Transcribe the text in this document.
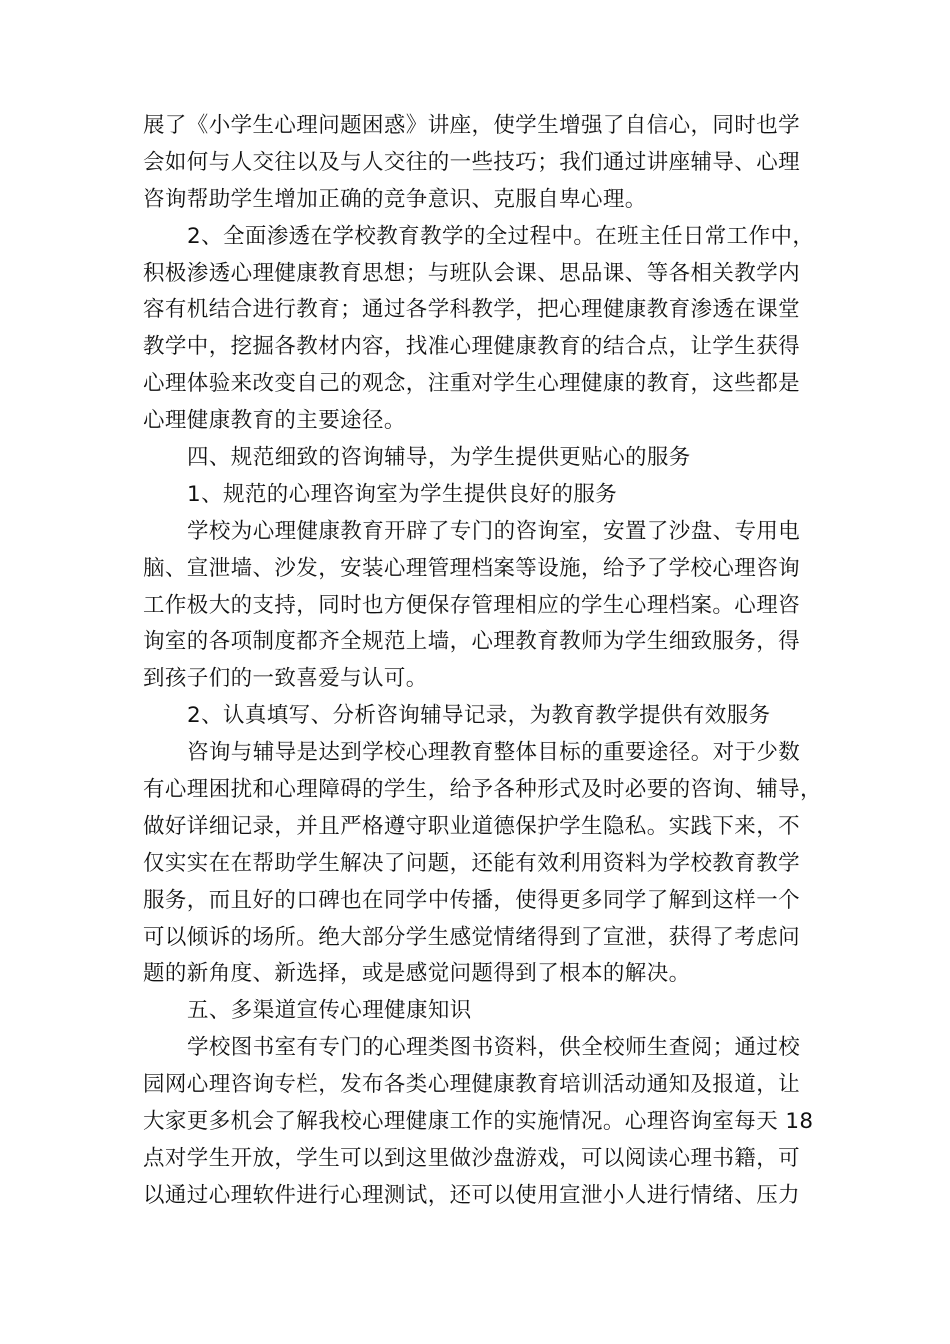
展了《小学生心理问题困惑》讲座，使学生增强了自信心，同时也学
会如何与人交往以及与人交往的一些技巧；我们通过讲座辅导、心理
咨询帮助学生增加正确的竞争意识、克服自卑心理。
2、全面渗透在学校教育教学的全过程中。在班主任日常工作中，
积极渗透心理健康教育思想；与班队会课、思品课、等各相关教学内
容有机结合进行教育；通过各学科教学，把心理健康教育渗透在课堂
教学中，挖掘各教材内容，找准心理健康教育的结合点，让学生获得
心理体验来改变自己的观念，注重对学生心理健康的教育，这些都是
心理健康教育的主要途径。
四、规范细致的咨询辅导，为学生提供更贴心的服务
1、规范的心理咨询室为学生提供良好的服务
学校为心理健康教育开辟了专门的咨询室，安置了沙盘、专用电
脑、宣泄墙、沙发，安装心理管理档案等设施，给予了学校心理咨询
工作极大的支持，同时也方便保存管理相应的学生心理档案。心理咨
询室的各项制度都齐全规范上墙，心理教育教师为学生细致服务，得
到孩子们的一致喜爱与认可。
2、认真填写、分析咨询辅导记录，为教育教学提供有效服务
咨询与辅导是达到学校心理教育整体目标的重要途径。对于少数
有心理困扰和心理障碍的学生，给予各种形式及时必要的咨询、辅导，
做好详细记录，并且严格遵守职业道德保护学生隐私。实践下来，不
仅实实在在帮助学生解决了问题，还能有效利用资料为学校教育教学
服务，而且好的口碑也在同学中传播，使得更多同学了解到这样一个
可以倾诉的场所。绝大部分学生感觉情绪得到了宣泄，获得了考虑问
题的新角度、新选择，或是感觉问题得到了根本的解决。
五、多渠道宣传心理健康知识
学校图书室有专门的心理类图书资料，供全校师生查阅；通过校
园网心理咨询专栏，发布各类心理健康教育培训活动通知及报道，让
大家更多机会了解我校心理健康工作的实施情况。心理咨询室每天 18
点对学生开放，学生可以到这里做沙盘游戏，可以阅读心理书籍，可
以通过心理软件进行心理测试，还可以使用宣泄小人进行情绪、压力
